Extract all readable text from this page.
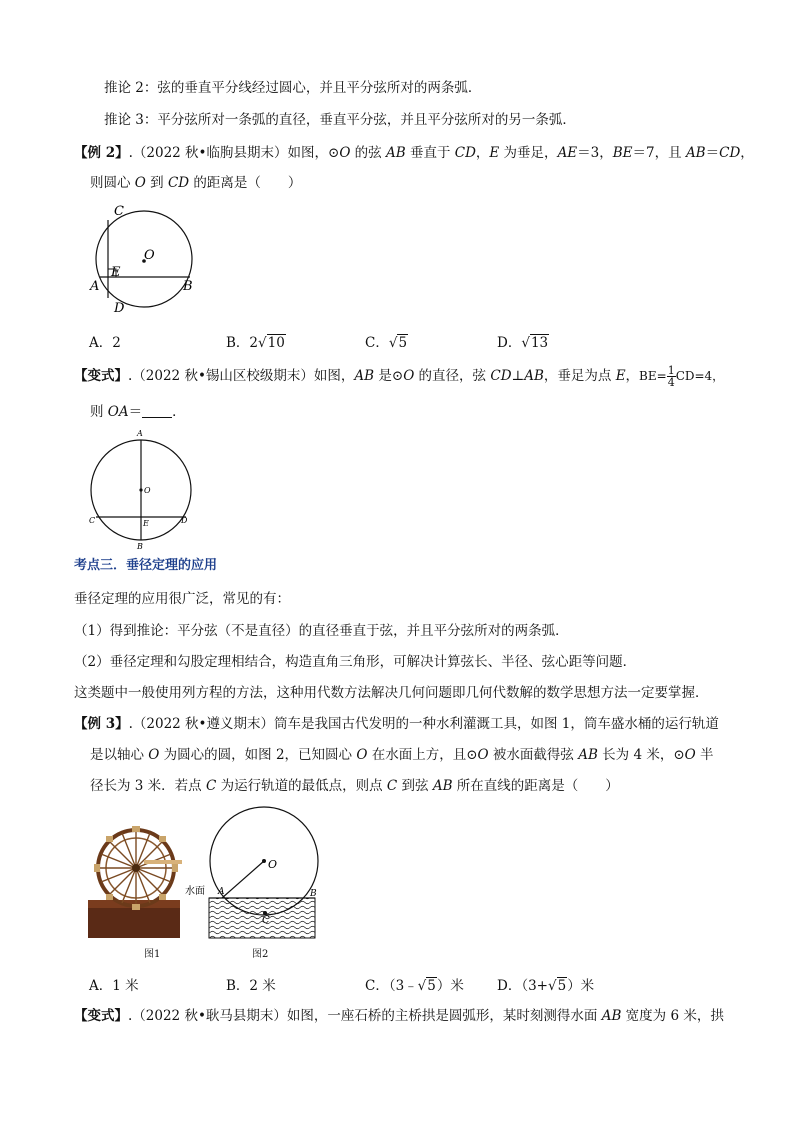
推论 2：弦的垂直平分线经过圆心，并且平分弦所对的两条弧．
推论 3：平分弦所对一条弧的直径，垂直平分弦，并且平分弦所对的另一条弧．
【例 2】.（2022 秋•临朐县期末）如图，⊙O 的弦 AB 垂直于 CD，E 为垂足，AE＝3，BE＝7，且 AB＝CD，
则圆心 O 到 CD 的距离是（　　）
C
O
E
A
D
B
A．2	B．2√10	C．√5	D．√13
【变式】.（2022 秋•锡山区校级期末）如图，AB 是⊙O 的直径，弦 CD⊥AB，垂足为点 E，$BE= \frac{1}{4} CD=4$，
则 OA＝ ．
A
O
C	E	D
B
考点三．垂径定理的应用
垂径定理的应用很广泛，常见的有：
（1）得到推论：平分弦（不是直径）的直径垂直于弦，并且平分弦所对的两条弧．
（2）垂径定理和勾股定理相结合，构造直角三角形，可解决计算弦长、半径、弦心距等问题．
这类题中一般使用列方程的方法，这种用代数方法解决几何问题即几何代数解的数学思想方法一定要掌握．
【例 3】.（2022 秋•遵义期末）筒车是我国古代发明的一种水利灌溉工具，如图 1，筒车盛水桶的运行轨道
是以轴心 O 为圆心的圆，如图 2，已知圆心 O 在水面上方，且⊙O 被水面截得弦 AB 长为 4 米，⊙O 半
径长为 3 米．若点 C 为运行轨道的最低点，则点 C 到弦 AB 所在直线的距离是（　　）
图1
O
A	B
C
水面
图2
A．1 米	B．2 米	C．（3﹣√5）米 D．（3+√5）米
【变式】.（2022 秋•耿马县期末）如图，一座石桥的主桥拱是圆弧形，某时刻测得水面 AB 宽度为 6 米，拱
